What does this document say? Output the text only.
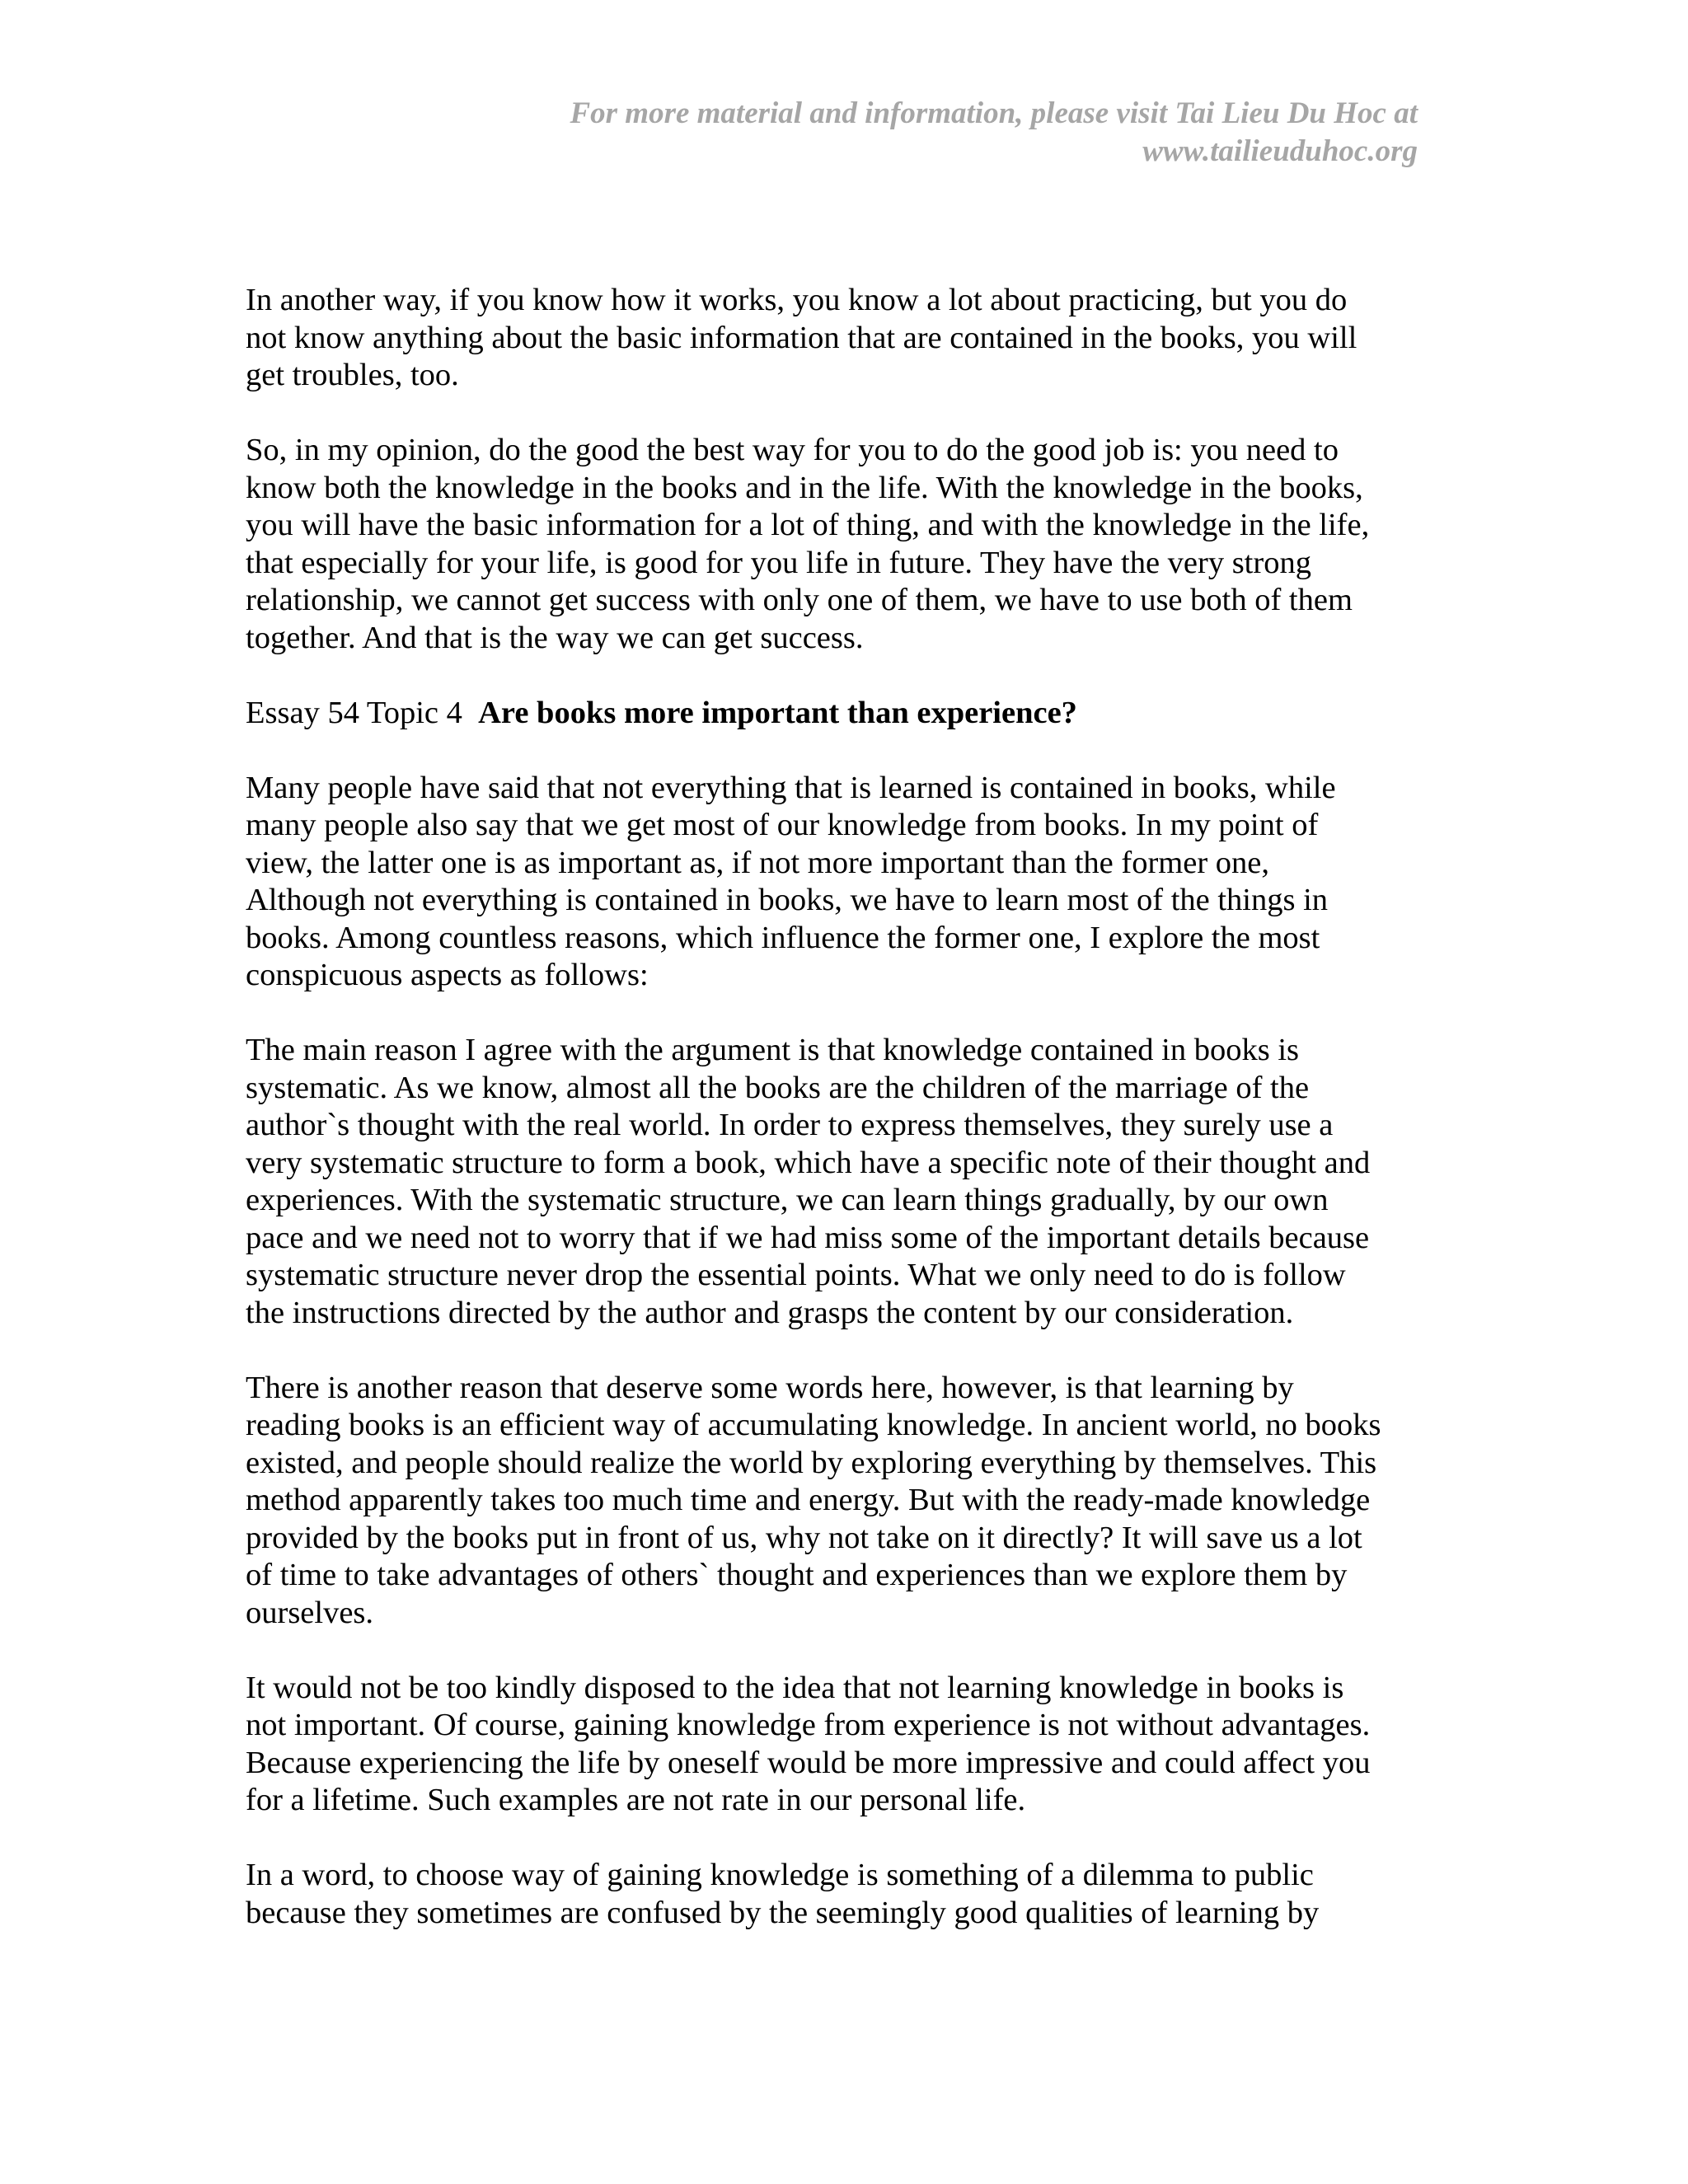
For more material and information, please visit Tai Lieu Du Hoc at
www.tailieuduhoc.org
In another way, if you know how it works, you know a lot about practicing, but you do
not know anything about the basic information that are contained in the books, you will
get troubles, too.
So, in my opinion, do the good the best way for you to do the good job is: you need to
know both the knowledge in the books and in the life. With the knowledge in the books,
you will have the basic information for a lot of thing, and with the knowledge in the life,
that especially for your life, is good for you life in future. They have the very strong
relationship, we cannot get success with only one of them, we have to use both of them
together. And that is the way we can get success.
Essay 54 Topic 4 Are books more important than experience?
Many people have said that not everything that is learned is contained in books, while
many people also say that we get most of our knowledge from books. In my point of
view, the latter one is as important as, if not more important than the former one,
Although not everything is contained in books, we have to learn most of the things in
books. Among countless reasons, which influence the former one, I explore the most
conspicuous aspects as follows:
The main reason I agree with the argument is that knowledge contained in books is
systematic. As we know, almost all the books are the children of the marriage of the
author`s thought with the real world. In order to express themselves, they surely use a
very systematic structure to form a book, which have a specific note of their thought and
experiences. With the systematic structure, we can learn things gradually, by our own
pace and we need not to worry that if we had miss some of the important details because
systematic structure never drop the essential points. What we only need to do is follow
the instructions directed by the author and grasps the content by our consideration.
There is another reason that deserve some words here, however, is that learning by
reading books is an efficient way of accumulating knowledge. In ancient world, no books
existed, and people should realize the world by exploring everything by themselves. This
method apparently takes too much time and energy. But with the ready-made knowledge
provided by the books put in front of us, why not take on it directly? It will save us a lot
of time to take advantages of others` thought and experiences than we explore them by
ourselves.
It would not be too kindly disposed to the idea that not learning knowledge in books is
not important. Of course, gaining knowledge from experience is not without advantages.
Because experiencing the life by oneself would be more impressive and could affect you
for a lifetime. Such examples are not rate in our personal life.
In a word, to choose way of gaining knowledge is something of a dilemma to public
because they sometimes are confused by the seemingly good qualities of learning by
